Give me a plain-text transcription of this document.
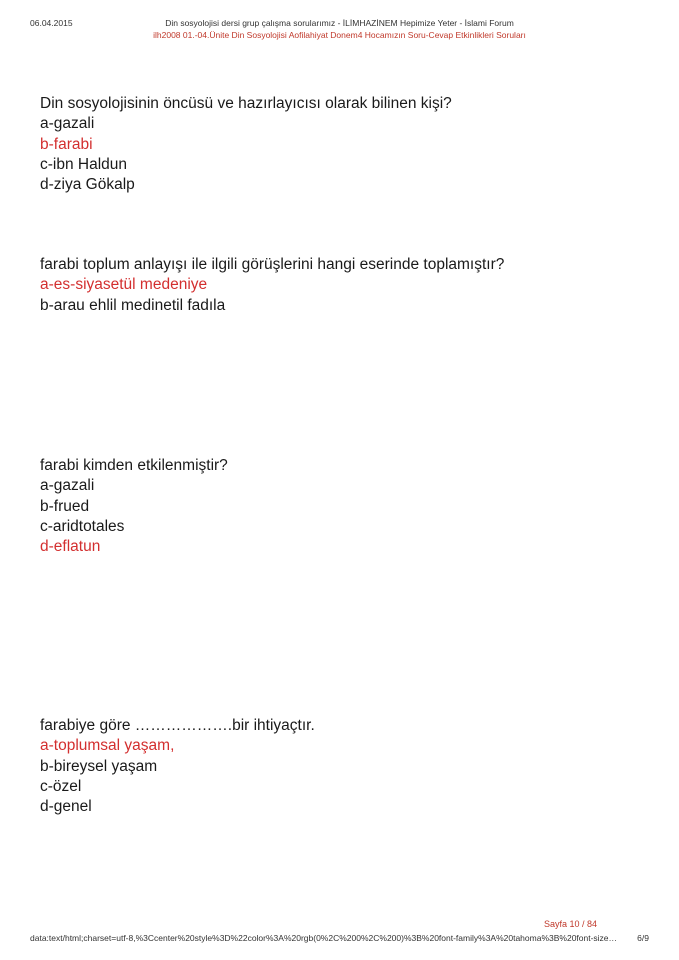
06.04.2015	Din sosyolojisi dersi grup çalışma sorularımız - İLİMHAZİNEM Hepimize Yeter - İslami Forum
ilh2008 01.-04.Ünite Din Sosyolojisi Aofilahiyat Donem4 Hocamızın Soru-Cevap Etkinlikleri Soruları
Din sosyolojisinin öncüsü ve hazırlayıcısı olarak bilinen kişi?
a-gazali
b-farabi
c-ibn Haldun
d-ziya Gökalp
farabi toplum anlayışı ile ilgili görüşlerini hangi eserinde toplamıştır?
a-es-siyasetül medeniye
b-arau ehlil medinetil fadıla
farabi kimden etkilenmiştir?
a-gazali
b-frued
c-aridtotales
d-eflatun
farabiye göre ……………….bir ihtiyaçtır.
a-toplumsal yaşam,
b-bireysel yaşam
c-özel
d-genel
Sayfa 10 / 84
data:text/html;charset=utf-8,%3Ccenter%20style%3D%22color%3A%20rgb(0%2C%200%2C%200)%3B%20font-family%3A%20tahoma%3B%20font-size…	6/9
